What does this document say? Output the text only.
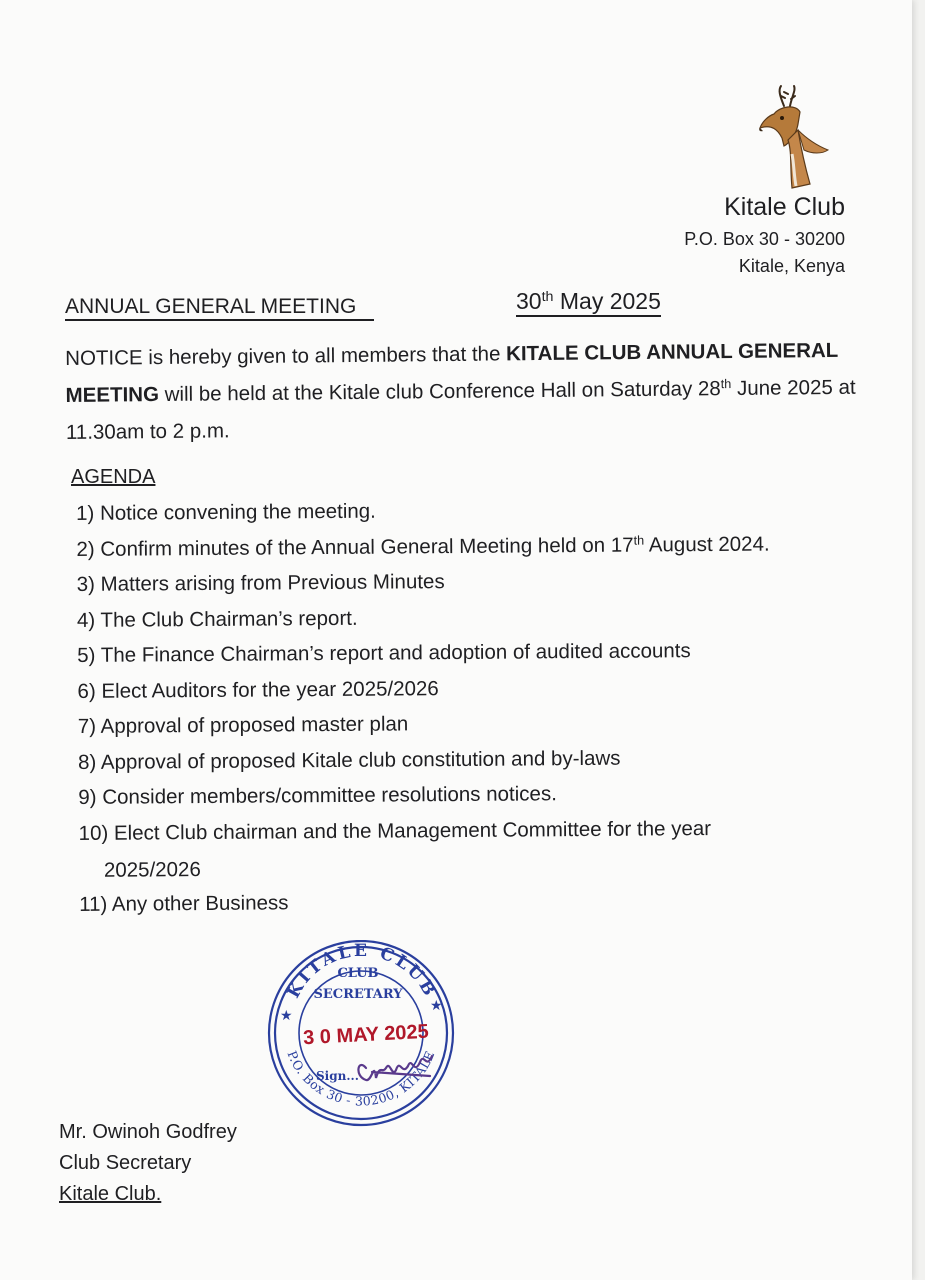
Kitale Club
P.O. Box 30 - 30200
Kitale, Kenya
ANNUAL GENERAL MEETING	30th May 2025
NOTICE is hereby given to all members that the KITALE CLUB ANNUAL GENERAL MEETING will be held at the Kitale club Conference Hall on Saturday 28th June 2025 at 11.30am to 2 p.m.
AGENDA
1) Notice convening the meeting.
2) Confirm minutes of the Annual General Meeting held on 17th August 2024.
3) Matters arising from Previous Minutes
4) The Club Chairman’s report.
5) The Finance Chairman’s report and adoption of audited accounts
6) Elect Auditors for the year 2025/2026
7) Approval of proposed master plan
8) Approval of proposed Kitale club constitution and by-laws
9) Consider members/committee resolutions notices.
10) Elect Club chairman and the Management Committee for the year
2025/2026
11) Any other Business
KITALE CLUB
P.O. Box 30 - 30200, KITALE
★
★
CLUB
SECRETARY
3 0 MAY 2025
Sign...
Mr. Owinoh Godfrey
Club Secretary
Kitale Club.
